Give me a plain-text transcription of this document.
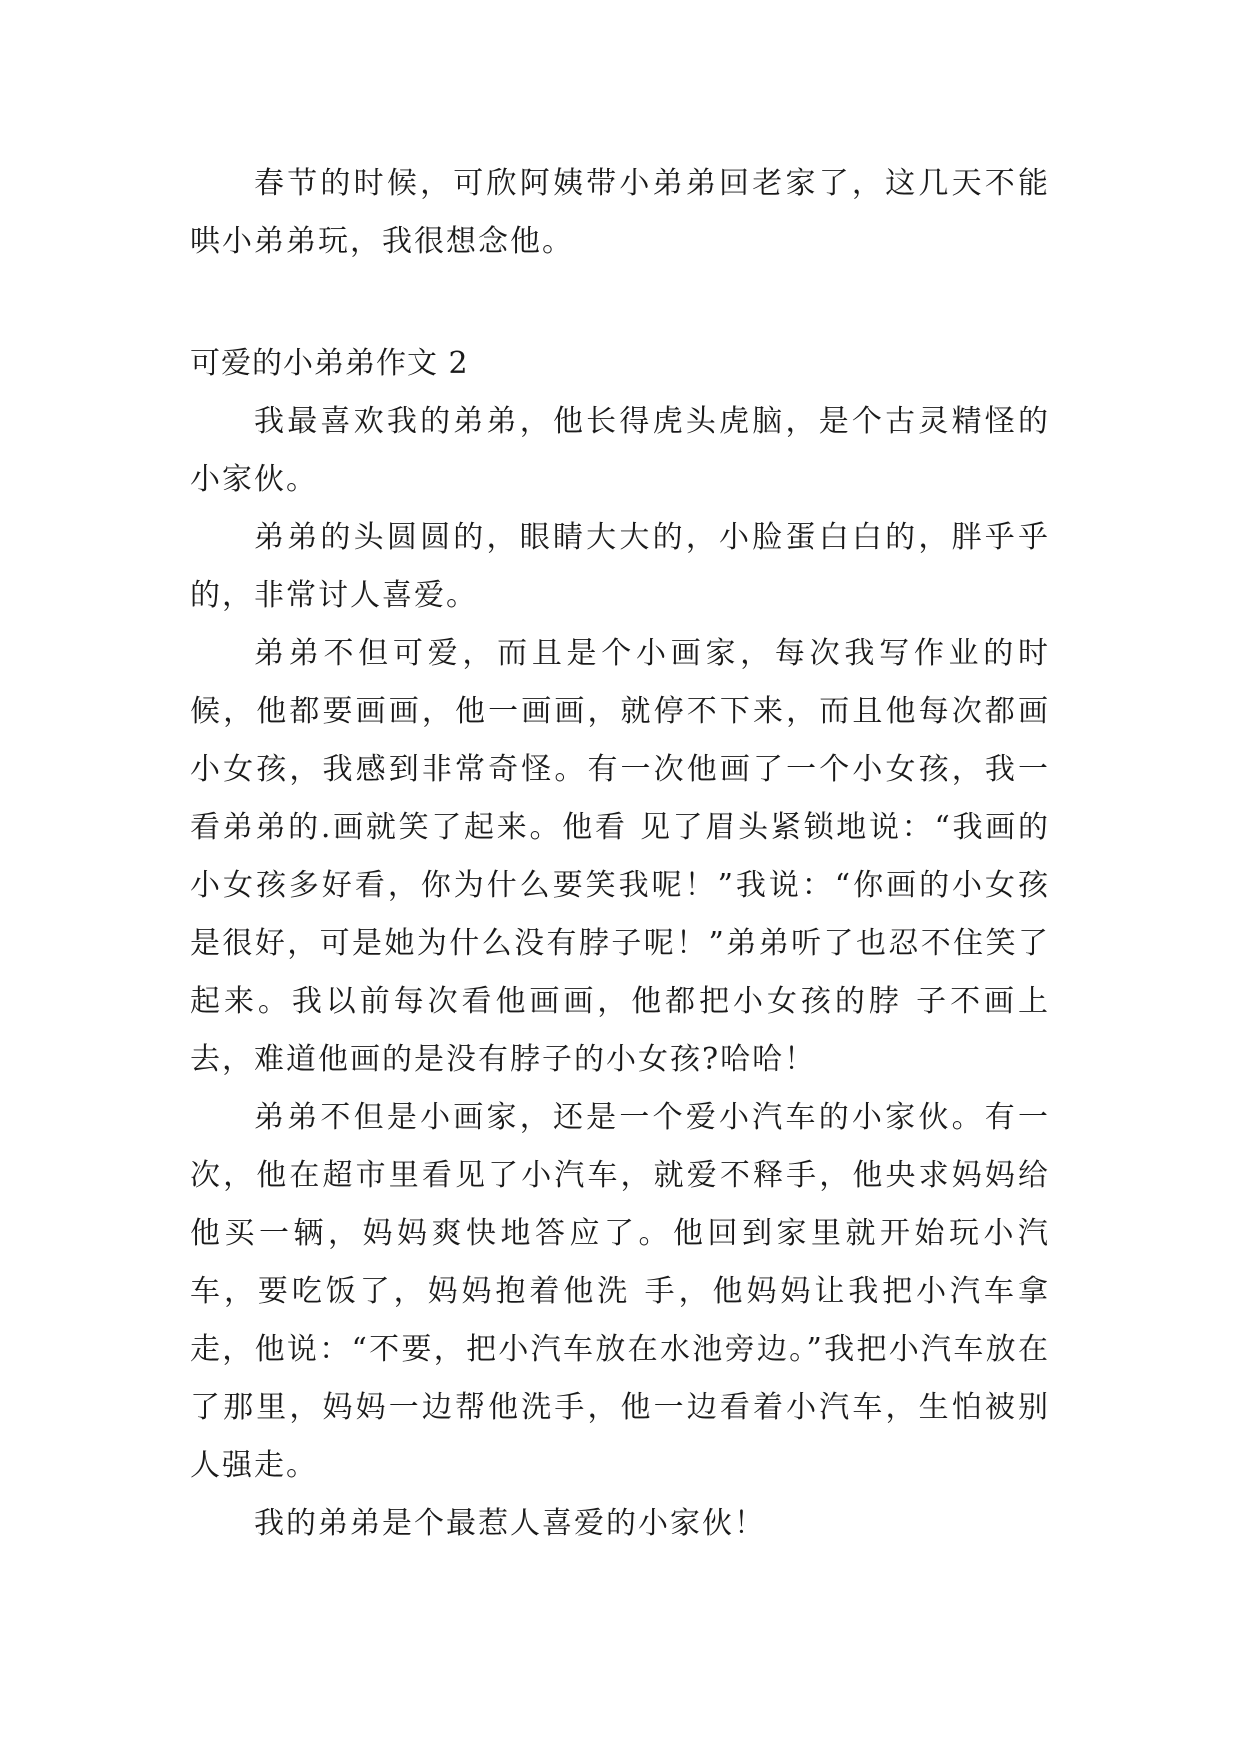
春节的时候，可欣阿姨带小弟弟回老家了，这几天不能哄小弟弟玩，我很想念他。

可爱的小弟弟作文 2

我最喜欢我的弟弟，他长得虎头虎脑，是个古灵精怪的小家伙。

弟弟的头圆圆的，眼睛大大的，小脸蛋白白的，胖乎乎的，非常讨人喜爱。

弟弟不但可爱，而且是个小画家，每次我写作业的时候，他都要画画，他一画画，就停不下来，而且他每次都画小女孩，我感到非常奇怪。有一次他画了一个小女孩，我一看弟弟的.画就笑了起来。他看 见了眉头紧锁地说：“我画的小女孩多好看，你为什么要笑我呢！”我说：“你画的小女孩是很好，可是她为什么没有脖子呢！”弟弟听了也忍不住笑了起来。我以前每次看他画画，他都把小女孩的脖 子不画上去，难道他画的是没有脖子的小女孩?哈哈！

弟弟不但是小画家，还是一个爱小汽车的小家伙。有一次，他在超市里看见了小汽车，就爱不释手，他央求妈妈给他买一辆，妈妈爽快地答应了。他回到家里就开始玩小汽车，要吃饭了，妈妈抱着他洗 手，他妈妈让我把小汽车拿走，他说：“不要，把小汽车放在水池旁边。”我把小汽车放在了那里，妈妈一边帮他洗手，他一边看着小汽车，生怕被别人强走。

我的弟弟是个最惹人喜爱的小家伙！
